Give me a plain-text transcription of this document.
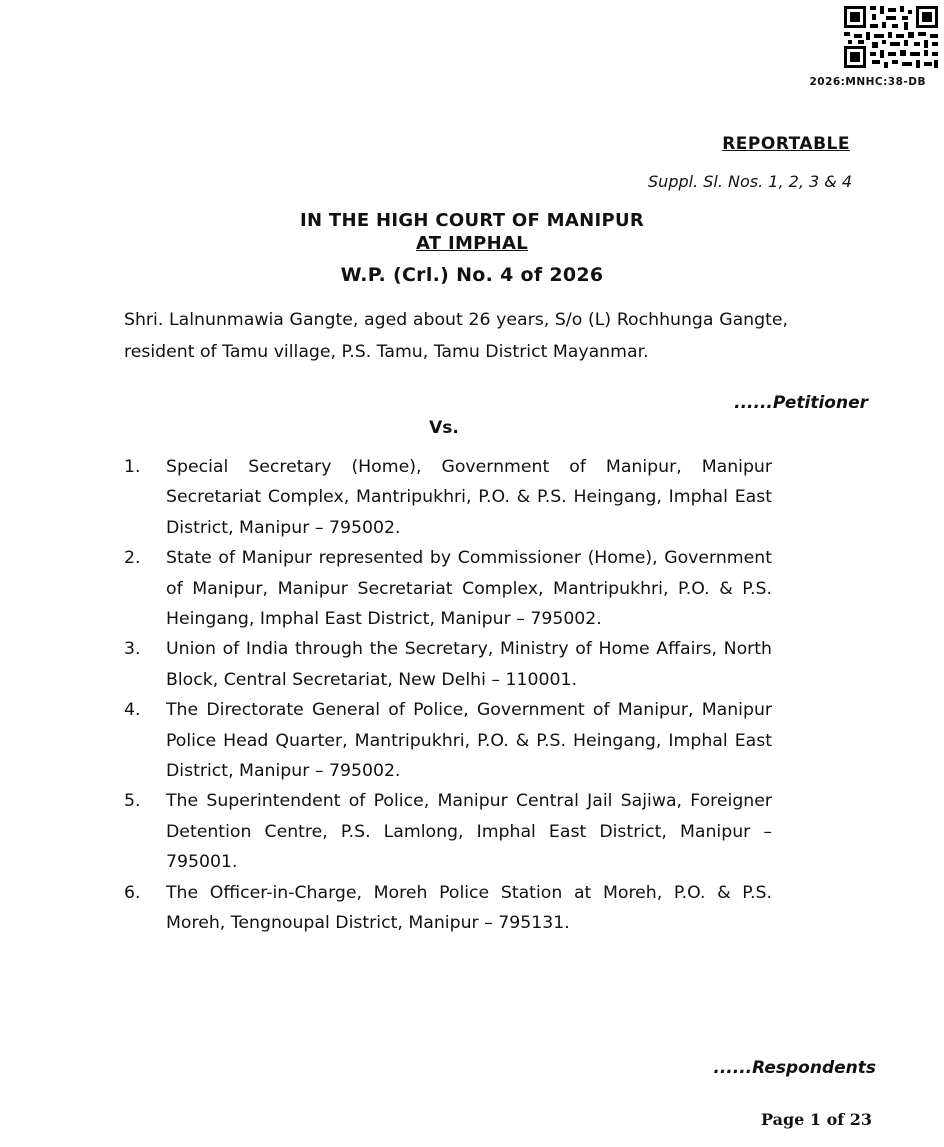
2026:MNHC:38-DB
REPORTABLE
Suppl. Sl. Nos. 1, 2, 3 & 4
IN THE HIGH COURT OF MANIPUR
AT IMPHAL
W.P. (Crl.) No. 4 of 2026
Shri. Lalnunmawia Gangte, aged about 26 years, S/o (L) Rochhunga Gangte, resident of Tamu village, P.S. Tamu, Tamu District Mayanmar.
......Petitioner
Vs.
1.	Special Secretary (Home), Government of Manipur, Manipur Secretariat Complex, Mantripukhri, P.O. & P.S. Heingang, Imphal East District, Manipur – 795002.
2.	State of Manipur represented by Commissioner (Home), Government of Manipur, Manipur Secretariat Complex, Mantripukhri, P.O. & P.S. Heingang, Imphal East District, Manipur – 795002.
3.	Union of India through the Secretary, Ministry of Home Affairs, North Block, Central Secretariat, New Delhi – 110001.
4.	The Directorate General of Police, Government of Manipur, Manipur Police Head Quarter, Mantripukhri, P.O. & P.S. Heingang, Imphal East District, Manipur – 795002.
5.	The Superintendent of Police, Manipur Central Jail Sajiwa, Foreigner Detention Centre, P.S. Lamlong, Imphal East District, Manipur – 795001.
6.	The Officer-in-Charge, Moreh Police Station at Moreh, P.O. & P.S. Moreh, Tengnoupal District, Manipur – 795131.
......Respondents
Page 1 of 23
